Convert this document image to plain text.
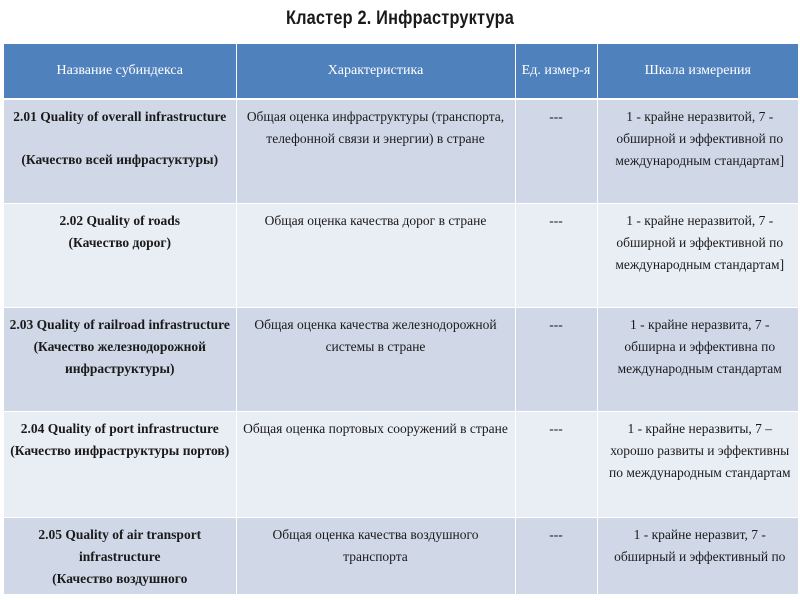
Кластер 2. Инфраструктура
Название субиндекса	Характеристика	Ед. измер-я	Шкала измерения

2.01 Quality of overall infrastructure
(Качество всей инфрастуктуры)	Общая оценка инфраструктуры (транспорта, телефонной связи и энергии) в стране	---	1 - крайне неразвитой, 7 - обширной и эффективной по международным стандартам]

2.02 Quality of roads
(Качество дорог)	Общая оценка качества дорог в стране	---	1 - крайне неразвитой, 7 - обширной и эффективной по международным стандартам]

2.03 Quality of railroad infrastructure
(Качество железнодорожной инфраструктуры)	Общая оценка качества железнодорожной системы в стране	---	1 - крайне неразвита, 7 - обширна и эффективна по международным стандартам

2.04 Quality of port infrastructure
(Качество инфраструктуры портов)	Общая оценка портовых сооружений в стране	---	1 - крайне неразвиты, 7 – хорошо развиты и эффективны по международным стандартам

2.05 Quality of air transport infrastructure
(Качество воздушного	Общая оценка качества воздушного транспорта	---	1 - крайне неразвит, 7 - обширный и эффективный по
